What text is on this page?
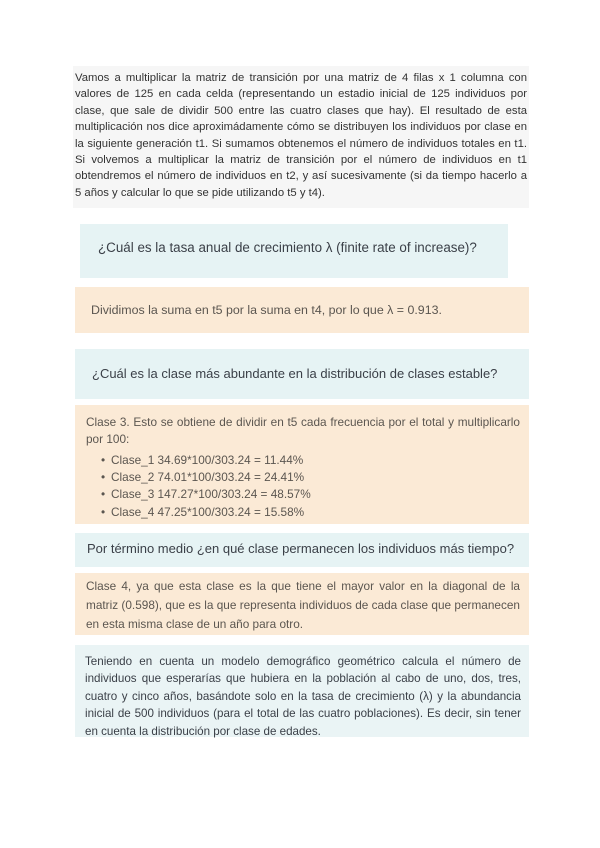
Vamos a multiplicar la matriz de transición por una matriz de 4 filas x 1 columna con valores de 125 en cada celda (representando un estadio inicial de 125 individuos por clase, que sale de dividir 500 entre las cuatro clases que hay). El resultado de esta multiplicación nos dice aproximádamente cómo se distribuyen los individuos por clase en la siguiente generación t1. Si sumamos obtenemos el número de individuos totales en t1. Si volvemos a multiplicar la matriz de transición por el número de individuos en t1 obtendremos el número de individuos en t2, y así sucesivamente (si da tiempo hacerlo a 5 años y calcular lo que se pide utilizando t5 y t4).
¿Cuál es la tasa anual de crecimiento λ (finite rate of increase)?
Dividimos la suma en t5 por la suma en t4, por lo que λ = 0.913.
¿Cuál es la clase más abundante en la distribución de clases estable?
Clase 3. Esto se obtiene de dividir en t5 cada frecuencia por el total y multiplicarlo por 100:
• Clase_1 34.69*100/303.24 = 11.44%
• Clase_2 74.01*100/303.24 = 24.41%
• Clase_3 147.27*100/303.24 = 48.57%
• Clase_4 47.25*100/303.24 = 15.58%
Por término medio ¿en qué clase permanecen los individuos más tiempo?
Clase 4, ya que esta clase es la que tiene el mayor valor en la diagonal de la matriz (0.598), que es la que representa individuos de cada clase que permanecen en esta misma clase de un año para otro.
Teniendo en cuenta un modelo demográfico geométrico calcula el número de individuos que esperarías que hubiera en la población al cabo de uno, dos, tres, cuatro y cinco años, basándote solo en la tasa de crecimiento (λ) y la abundancia inicial de 500 individuos (para el total de las cuatro poblaciones). Es decir, sin tener en cuenta la distribución por clase de edades.
